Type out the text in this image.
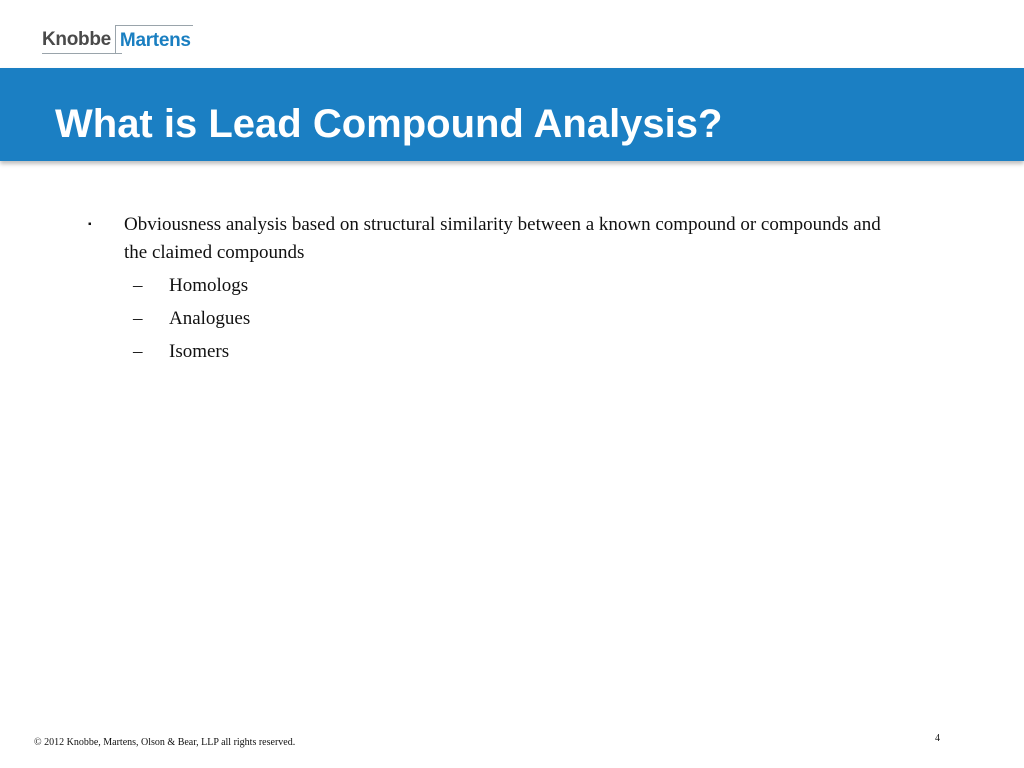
Knobbe Martens
What is Lead Compound Analysis?
▪	Obviousness analysis based on structural similarity between a known compound or compounds and the claimed compounds
–	Homologs
–	Analogues
–	Isomers
© 2012 Knobbe, Martens, Olson & Bear, LLP all rights reserved.	4
